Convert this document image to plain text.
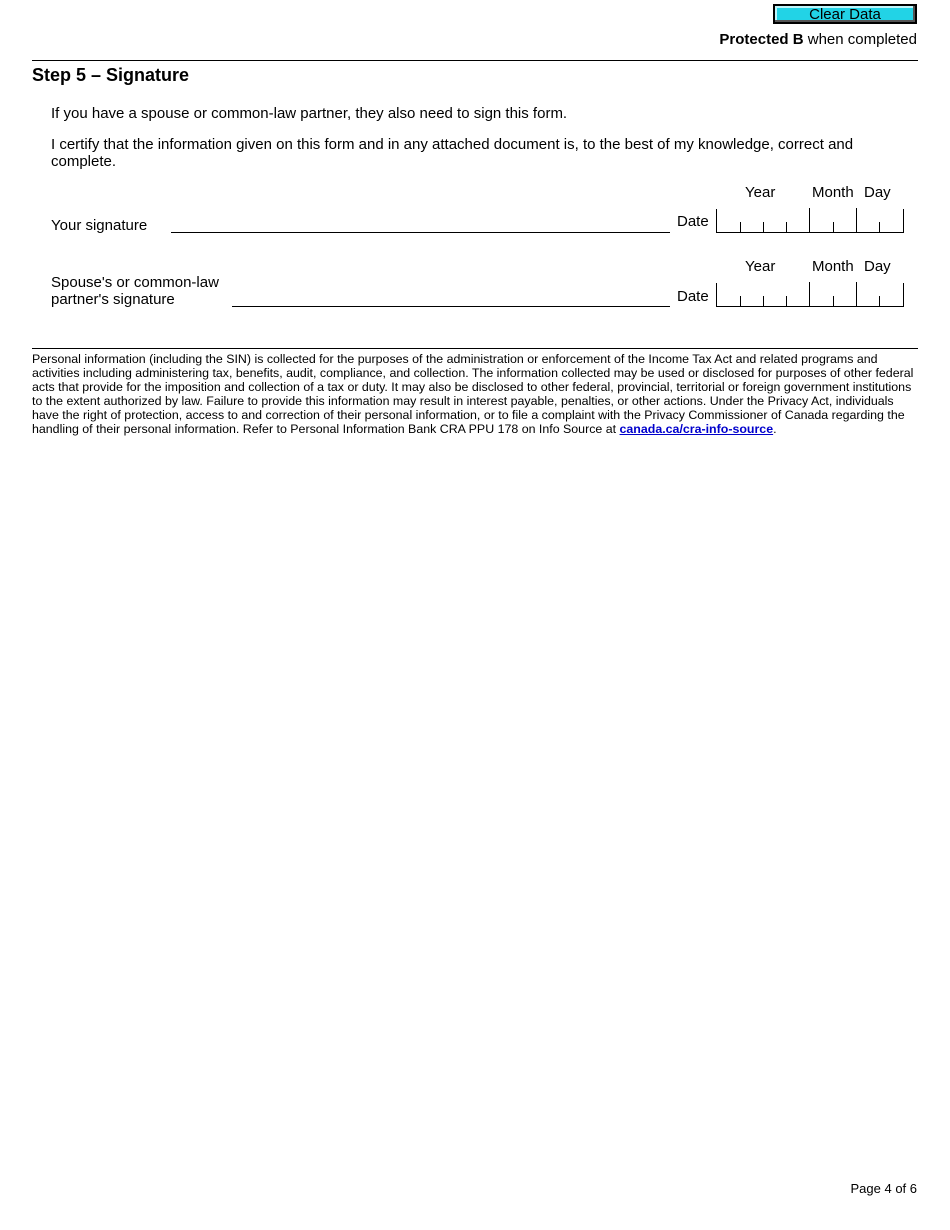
Clear Data
Protected B when completed
Step 5 – Signature
If you have a spouse or common-law partner, they also need to sign this form.
I certify that the information given on this form and in any attached document is, to the best of my knowledge, correct and complete.
Year Month Day
Your signature	Date
Year Month Day
Spouse's or common-law partner's signature	Date
Personal information (including the SIN) is collected for the purposes of the administration or enforcement of the Income Tax Act and related programs and activities including administering tax, benefits, audit, compliance, and collection. The information collected may be used or disclosed for purposes of other federal acts that provide for the imposition and collection of a tax or duty. It may also be disclosed to other federal, provincial, territorial or foreign government institutions to the extent authorized by law. Failure to provide this information may result in interest payable, penalties, or other actions. Under the Privacy Act, individuals have the right of protection, access to and correction of their personal information, or to file a complaint with the Privacy Commissioner of Canada regarding the handling of their personal information. Refer to Personal Information Bank CRA PPU 178 on Info Source at canada.ca/cra-info-source.
Page 4 of 6
